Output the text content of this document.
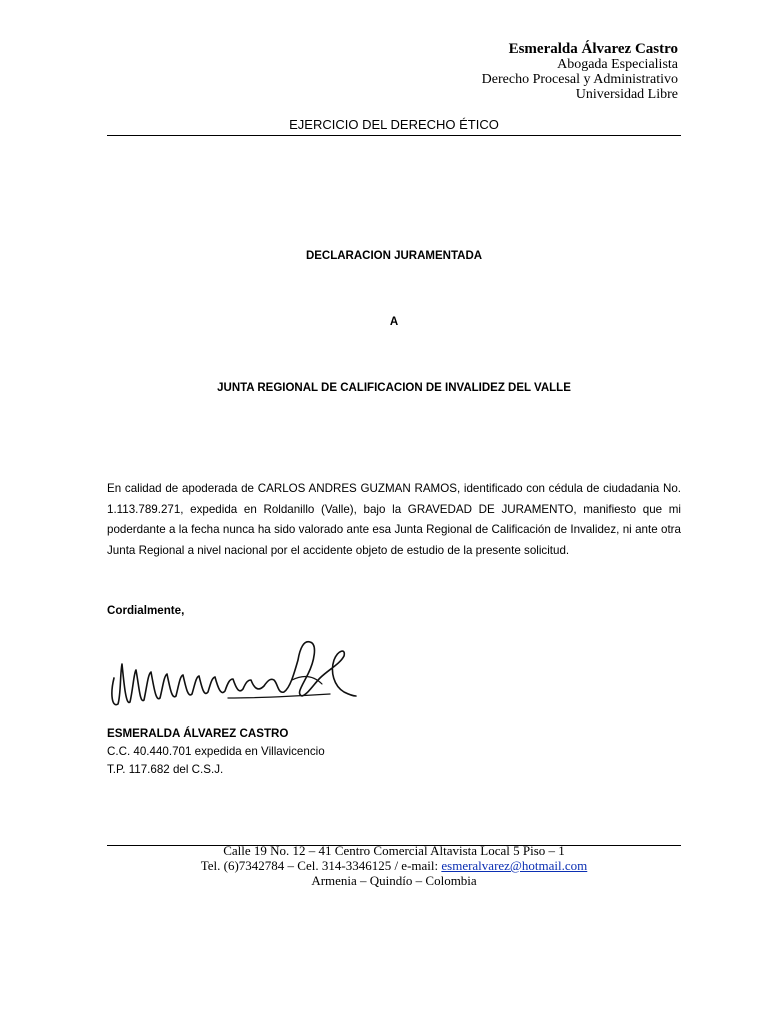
Esmeralda Álvarez Castro
Abogada Especialista
Derecho Procesal y Administrativo
Universidad Libre
EJERCICIO DEL DERECHO ÉTICO
DECLARACION JURAMENTADA
A
JUNTA REGIONAL DE CALIFICACION DE INVALIDEZ DEL VALLE
En calidad de apoderada de CARLOS ANDRES GUZMAN RAMOS, identificado con cédula de ciudadania No. 1.113.789.271, expedida en Roldanillo (Valle), bajo la GRAVEDAD DE JURAMENTO, manifiesto que mi poderdante a la fecha nunca ha sido valorado ante esa Junta Regional de Calificación de Invalidez, ni ante otra Junta Regional a nivel nacional por el accidente objeto de estudio de la presente solicitud.
Cordialmente,
ESMERALDA ÁLVAREZ CASTRO
C.C. 40.440.701 expedida en Villavicencio
T.P. 117.682 del C.S.J.
Calle 19 No. 12 – 41 Centro Comercial Altavista Local 5 Piso – 1
Tel. (6)7342784 – Cel. 314-3346125 / e-mail: esmeralvarez@hotmail.com
Armenia – Quindío – Colombia
